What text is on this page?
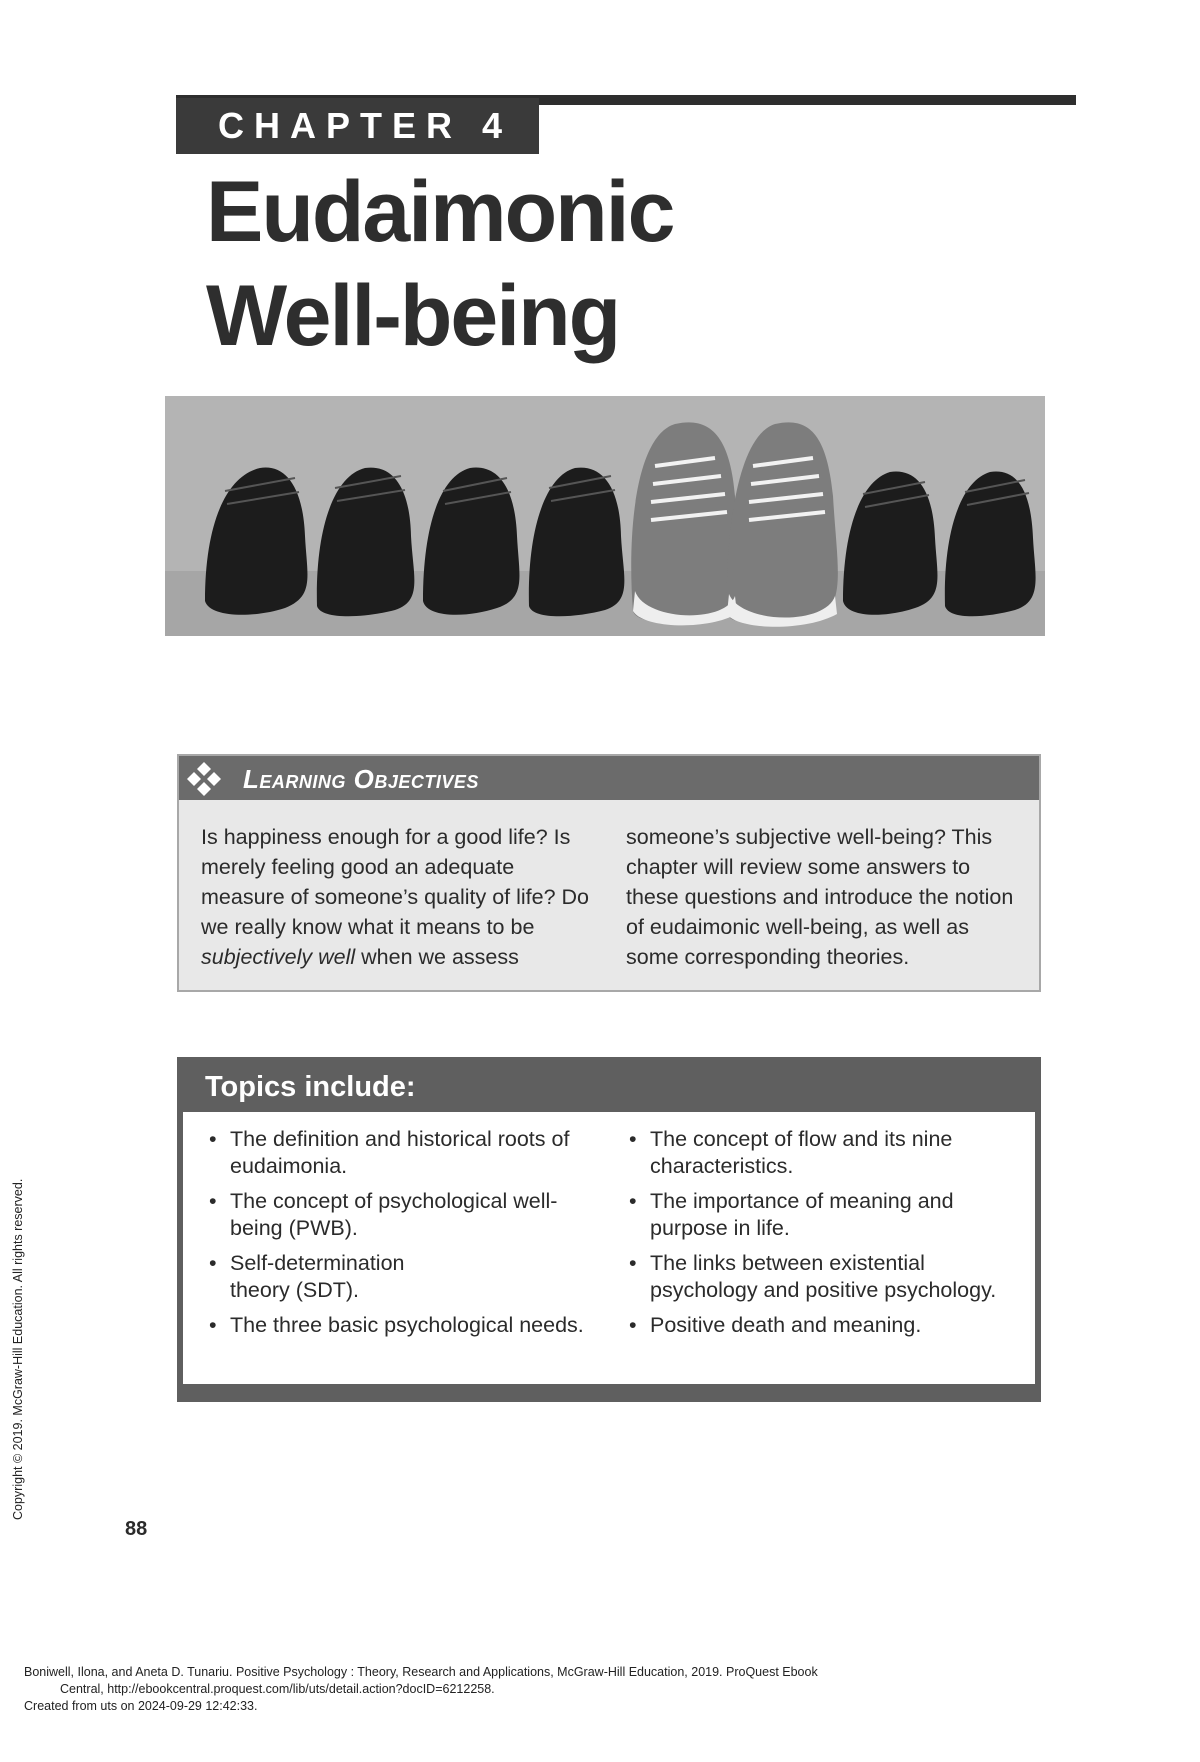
CHAPTER 4
Eudaimonic
Well-being
Learning Objectives
Is happiness enough for a good life? Is merely feeling good an adequate measure of someone’s quality of life? Do we really know what it means to be subjectively well when we assess someone’s subjective well-being? This chapter will review some answers to these questions and introduce the notion of eudaimonic well-being, as well as some corresponding theories.
Topics include:
• The definition and historical roots of eudaimonia.
• The concept of psychological well-being (PWB).
• Self-determination theory (SDT).
• The three basic psychological needs.
• The concept of flow and its nine characteristics.
• The importance of meaning and purpose in life.
• The links between existential psychology and positive psychology.
• Positive death and meaning.
Copyright © 2019. McGraw-Hill Education. All rights reserved.
88
Boniwell, Ilona, and Aneta D. Tunariu. Positive Psychology : Theory, Research and Applications, McGraw-Hill Education, 2019. ProQuest Ebook
Central, http://ebookcentral.proquest.com/lib/uts/detail.action?docID=6212258.
Created from uts on 2024-09-29 12:42:33.
